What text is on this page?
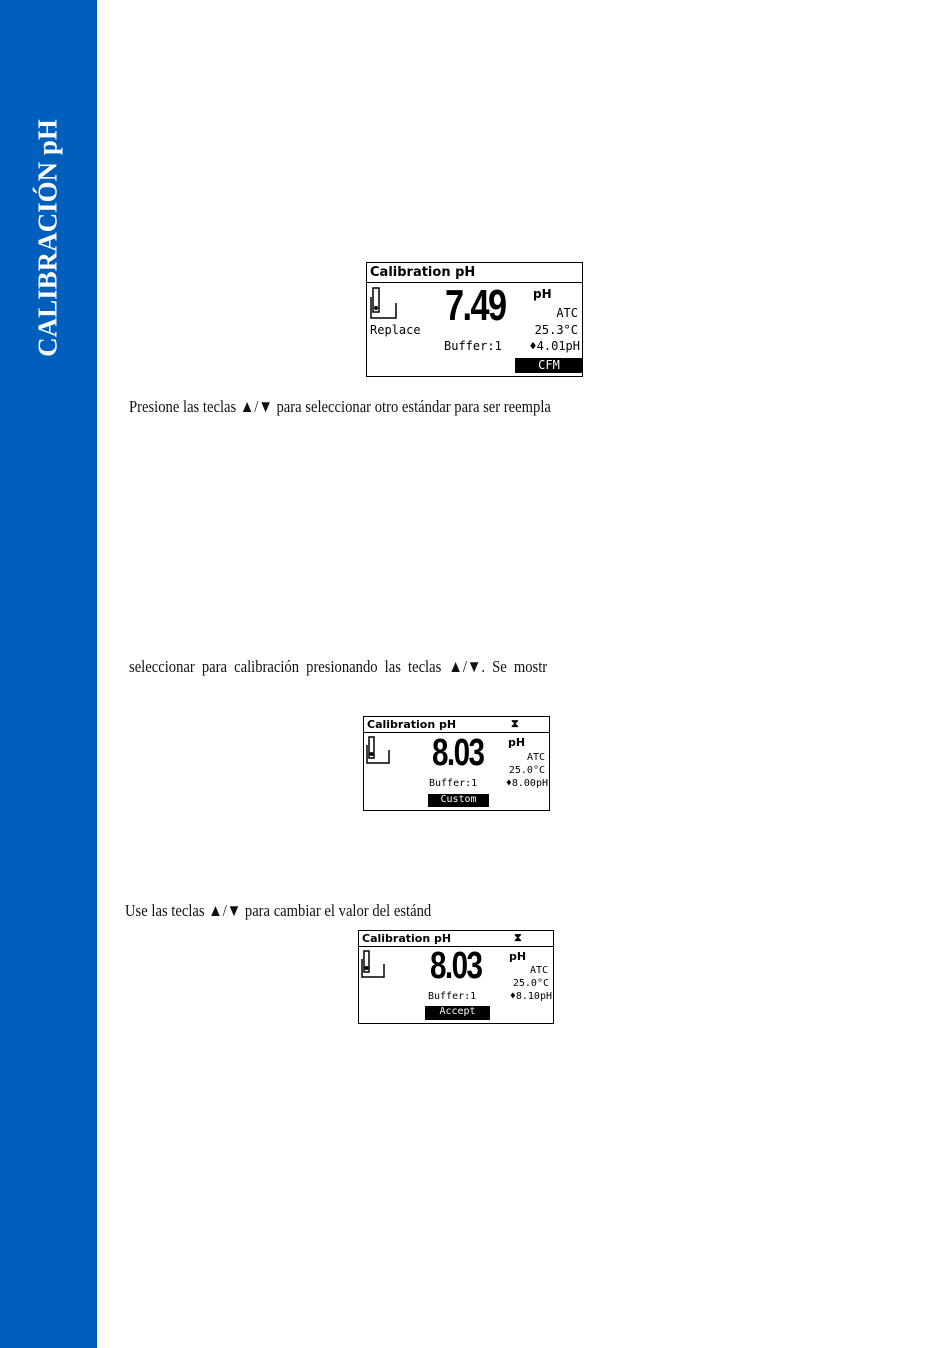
CALIBRACIÓN pH	Calibration pH
7.49 pH
ATC
25.3°C
Replace
Buffer:1 ♦4.01pH
CFM
Presione las teclas ▲/▼ para seleccionar otro estándar para ser reempla
seleccionar para calibración presionando las teclas ▲/▼. Se mostr
Calibration pH	⧗
8.03 pH
ATC
25.0°C
Buffer:1	♦8.00pH
Custom
Use las teclas ▲/▼ para cambiar el valor del estánd
Calibration pH	⧗
8.03	pH
ATC
25.0°C
Buffer:1	♦8.10pH
Accept
